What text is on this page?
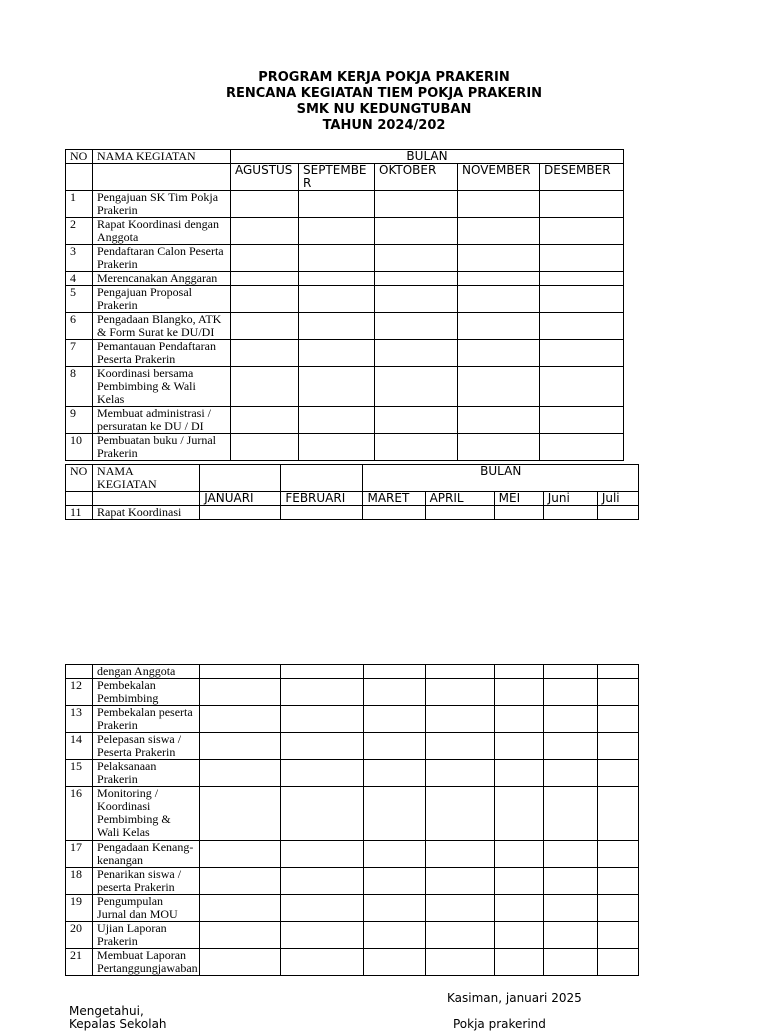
PROGRAM KERJA POKJA PRAKERIN
RENCANA KEGIATAN TIEM POKJA PRAKERIN
SMK NU KEDUNGTUBAN
TAHUN 2024/202
NO	NAMA KEGIATAN	BULAN				
		AGUSTUS	SEPTEMBE R	OKTOBER	NOVEMBER	DESEMBER
1	Pengajuan SK Tim Pokja Prakerin					
2	Rapat Koordinasi dengan Anggota					
3	Pendaftaran Calon Peserta Prakerin					
4	Merencanakan Anggaran					
5	Pengajuan Proposal Prakerin					
6	Pengadaan Blangko, ATK & Form Surat ke DU/DI					
7	Pemantauan Pendaftaran Peserta Prakerin					
8	Koordinasi bersama Pembimbing & Wali Kelas					
9	Membuat administrasi / persuratan ke DU / DI					
10	Pembuatan buku / Jurnal Prakerin					
NO	NAMA KEGIATAN			BULAN				
		JANUARI	FEBRUARI	MARET	APRIL	MEI	Juni	Juli
11	Rapat Koordinasi							
	dengan Anggota							
12	Pembekalan Pembimbing							
13	Pembekalan peserta Prakerin							
14	Pelepasan siswa / Peserta Prakerin							
15	Pelaksanaan Prakerin							
16	Monitoring / Koordinasi Pembimbing & Wali Kelas							
17	Pengadaan Kenang-kenangan							
18	Penarikan siswa / peserta Prakerin							
19	Pengumpulan Jurnal dan MOU							
20	Ujian Laporan Prakerin							
21	Membuat Laporan Pertanggungjawaban							
Kasiman, januari 2025
Mengetahui,
Kepalas Sekolah	Pokja prakerind
